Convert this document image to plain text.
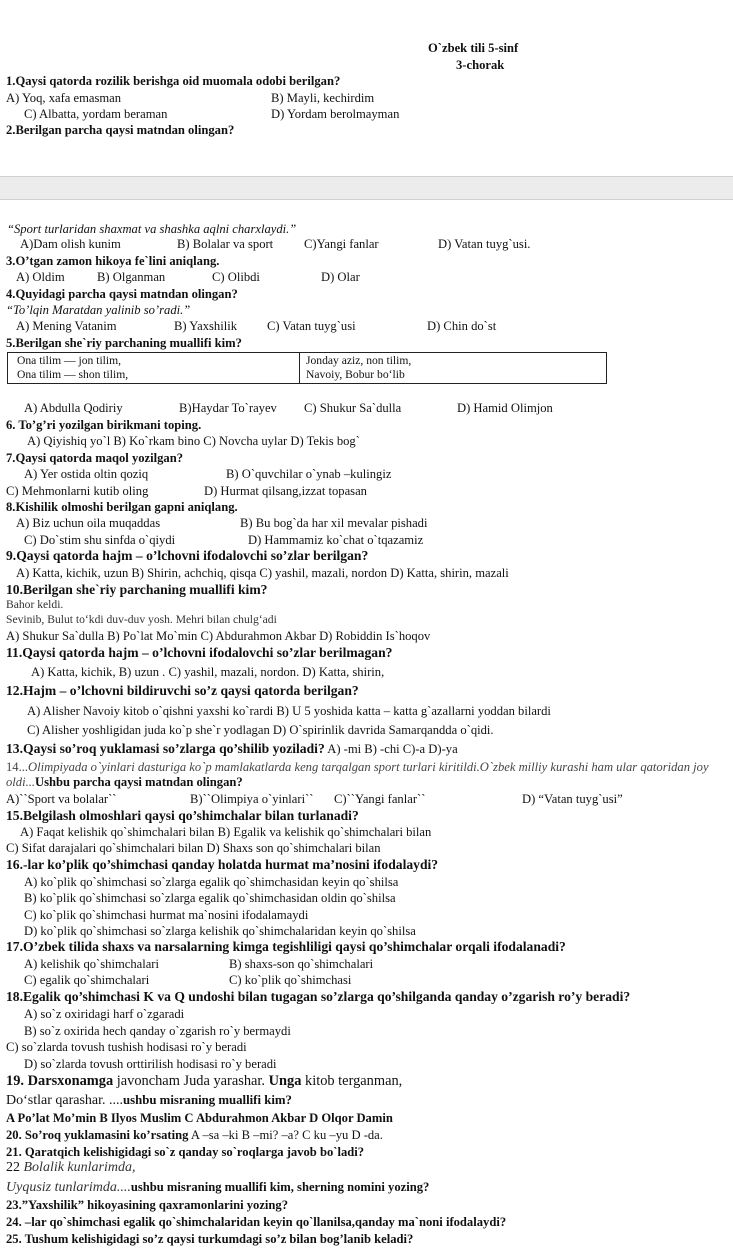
O`zbek tili 5-sinf
3-chorak
1.Qaysi qatorda rozilik berishga oid muomala odobi berilgan?
A) Yoq, xafa emasman	B) Mayli, kechirdim
C) Albatta, yordam beraman	D) Yordam berolmayman
2.Berilgan parcha qaysi matndan olingan?
“Sport turlaridan shaxmat va shashka aqlni charxlaydi.”
A)Dam olish kunim	B) Bolalar va sport C)Yangi fanlar	D) Vatan tuyg`usi.
3.O’tgan zamon hikoya fe`lini aniqlang.
A) Oldim	B) Olganman	C) Olibdi	D) Olar
4.Quyidagi parcha qaysi matndan olingan?
“To’lqin Maratdan yalinib so’radi.”
A) Mening Vatanim	B) Yaxshilik C) Vatan tuyg`usi	D) Chin do`st
5.Berilgan she`riy parchaning muallifi kim?
Ona tilim — jon tilim,
Ona tilim — shon tilim,
Jonday aziz, non tilim,
Navoiy, Bobur bo‘lib
A) Abdulla Qodiriy	B)Haydar To`rayev C) Shukur Sa`dulla	D) Hamid Olimjon
6. To’g’ri yozilgan birikmani toping.
A) Qiyishiq yo`l B) Ko`rkam bino C) Novcha uylar D) Tekis bog`
7.Qaysi qatorda maqol yozilgan?
A) Yer ostida oltin qoziq	B) O`quvchilar o`ynab –kulingiz
C) Mehmonlarni kutib oling	D) Hurmat qilsang,izzat topasan
8.Kishilik olmoshi berilgan gapni aniqlang.
A) Biz uchun oila muqaddas	B) Bu bog`da har xil mevalar pishadi
C) Do`stim shu sinfda o`qiydi	D) Hammamiz ko`chat o`tqazamiz
9.Qaysi qatorda hajm – o’lchovni ifodalovchi so’zlar berilgan?
A) Katta, kichik, uzun B) Shirin, achchiq, qisqa C) yashil, mazali, nordon D) Katta, shirin, mazali
10.Berilgan she`riy parchaning muallifi kim?
Bahor keldi.
Sevinib, Bulut to‘kdi duv-duv yosh. Mehri bilan chulg‘adi
A) Shukur Sa`dulla B) Po`lat Mo`min C) Abdurahmon Akbar D) Robiddin Is`hoqov
11.Qaysi qatorda hajm – o’lchovni ifodalovchi so’zlar berilmagan?
A) Katta, kichik, B) uzun . C) yashil, mazali, nordon. D) Katta, shirin,
12.Hajm – o’lchovni bildiruvchi so’z qaysi qatorda berilgan?
A) Alisher Navoiy kitob o`qishni yaxshi ko`rardi B) U 5 yoshida katta – katta g`azallarni yoddan bilardi
C) Alisher yoshligidan juda ko`p she`r yodlagan D) O`spirinlik davrida Samarqandda o`qidi.
13.Qaysi so’roq yuklamasi so’zlarga qo’shilib yoziladi? A) -mi B) -chi C)-a D)-ya
14...Olimpiyada o`yinlari dasturiga ko`p mamlakatlarda keng tarqalgan sport turlari kiritildi.O`zbek milliy kurashi ham ular qatoridan joy
oldi...Ushbu parcha qaysi matndan olingan?
A)``Sport va bolalar``	B)``Olimpiya o`yinlari`` C)``Yangi fanlar``	D) “Vatan tuyg`usi”
15.Belgilash olmoshlari qaysi qo’shimchalar bilan turlanadi?
A) Faqat kelishik qo`shimchalari bilan B) Egalik va kelishik qo`shimchalari bilan
C) Sifat darajalari qo`shimchalari bilan D) Shaxs son qo`shimchalari bilan
16.-lar ko’plik qo’shimchasi qanday holatda hurmat ma’nosini ifodalaydi?
A) ko`plik qo`shimchasi so`zlarga egalik qo`shimchasidan keyin qo`shilsa
B) ko`plik qo`shimchasi so`zlarga egalik qo`shimchasidan oldin qo`shilsa
C) ko`plik qo`shimchasi hurmat ma`nosini ifodalamaydi
D) ko`plik qo`shimchasi so`zlarga kelishik qo`shimchalaridan keyin qo`shilsa
17.O’zbek tilida shaxs va narsalarning kimga tegishliligi qaysi qo’shimchalar orqali ifodalanadi?
A) kelishik qo`shimchalari	B) shaxs-son qo`shimchalari
C) egalik qo`shimchalari	C) ko`plik qo`shimchasi
18.Egalik qo’shimchasi K va Q undoshi bilan tugagan so’zlarga qo’shilganda qanday o’zgarish ro’y beradi?
A) so`z oxiridagi harf o`zgaradi
B) so`z oxirida hech qanday o`zgarish ro`y bermaydi
C) so`zlarda tovush tushish hodisasi ro`y beradi
D) so`zlarda tovush orttirilish hodisasi ro`y beradi
19. Darsxonamga javoncham Juda yarashar. Unga kitob terganman,
Do‘stlar qarashar. ....ushbu misraning muallifi kim?
A Po’lat Mo’min B Ilyos Muslim C Abdurahmon Akbar D Olqor Damin
20. So’roq yuklamasini ko’rsating A –sa –ki B –mi? –a? C ku –yu D -da.
21. Qaratqich kelishigidagi so`z qanday so`roqlarga javob bo`ladi?
22 Bolalik kunlarimda,
Uyqusiz tunlarimda....ushbu misraning muallifi kim, sherning nomini yozing?
23.”Yaxshilik” hikoyasining qaxramonlarini yozing?
24. –lar qo`shimchasi egalik qo`shimchalaridan keyin qo`llanilsa,qanday ma`noni ifodalaydi?
25. Tushum kelishigidagi so’z qaysi turkumdagi so’z bilan bog’lanib keladi?
